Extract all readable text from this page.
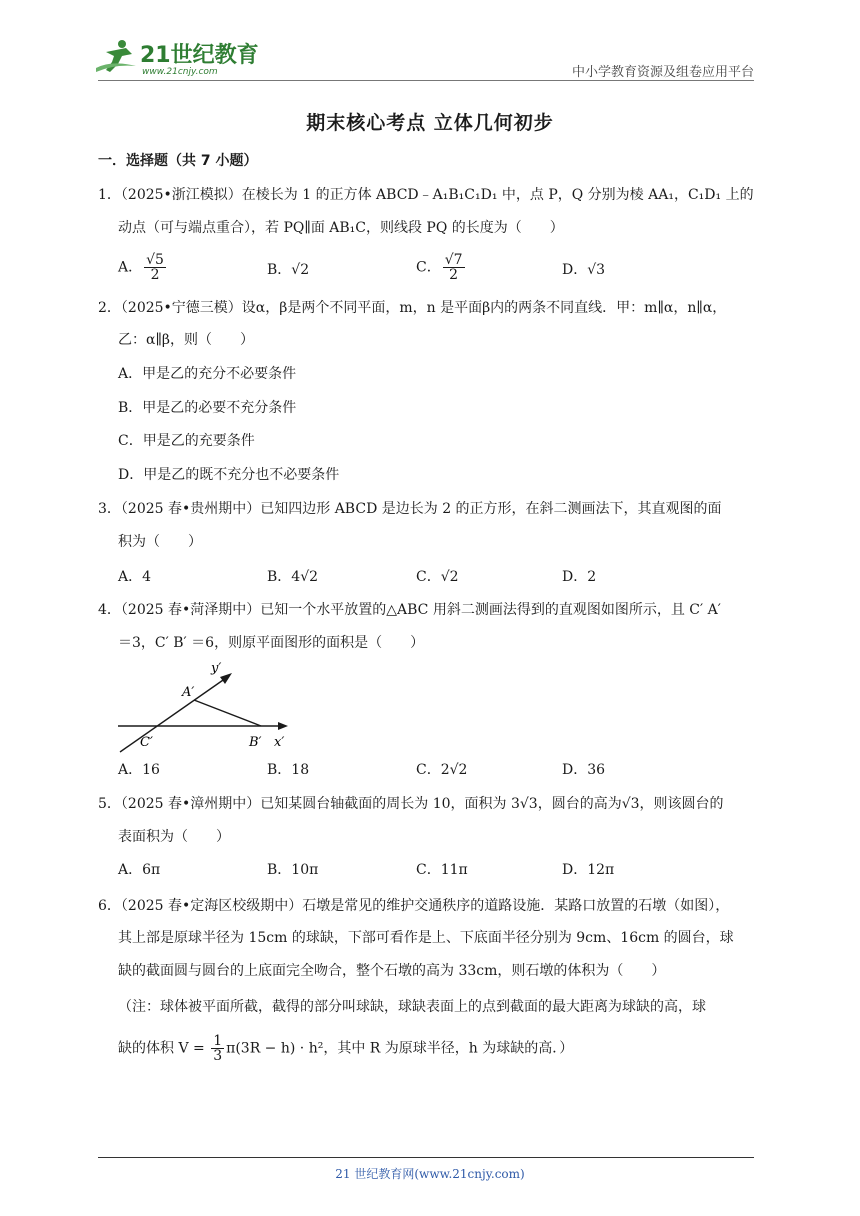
21世纪教育
www.21cnjy.com	中小学教育资源及组卷应用平台
期末核心考点 立体几何初步
一．选择题（共 7 小题）
1．（2025•浙江模拟）在棱长为 1 的正方体 ABCD﹣A₁B₁C₁D₁ 中，点 P，Q 分别为棱 AA₁，C₁D₁ 上的
动点（可与端点重合），若 PQ∥面 AB₁C，则线段 PQ 的长度为（　　）
A． $\frac{√5}{2}$	B．√2	C． $\frac{√7}{2}$	D．√3
2．（2025•宁德三模）设α，β是两个不同平面，m，n 是平面β内的两条不同直线．甲：m∥α，n∥α，
乙：α∥β，则（　　）
A．甲是乙的充分不必要条件
B．甲是乙的必要不充分条件
C．甲是乙的充要条件
D．甲是乙的既不充分也不必要条件
3．（2025 春•贵州期中）已知四边形 ABCD 是边长为 2 的正方形，在斜二测画法下，其直观图的面
积为（　　）
A．4	B．4√2	C．√2	D．2
4．（2025 春•菏泽期中）已知一个水平放置的△ABC 用斜二测画法得到的直观图如图所示，且 C′ A′
＝3，C′ B′ ＝6，则原平面图形的面积是（　　）
y′
A′
C′	B′ x′
A．16	B．18	C．2√2	D．36
5．（2025 春•漳州期中）已知某圆台轴截面的周长为 10，面积为 3√3，圆台的高为√3，则该圆台的
表面积为（　　）
A．6π	B．10π	C．11π	D．12π
6．（2025 春•定海区校级期中）石墩是常见的维护交通秩序的道路设施．某路口放置的石墩（如图），
其上部是原球半径为 15cm 的球缺，下部可看作是上、下底面半径分别为 9cm、16cm 的圆台，球
缺的截面圆与圆台的上底面完全吻合，整个石墩的高为 33cm，则石墩的体积为（　　）
（注：球体被平面所截，截得的部分叫球缺，球缺表面上的点到截面的最大距离为球缺的高，球
缺的体积 $V = \frac{1}{3} \pi(3R - h) \cdot h^2$，其中 R 为原球半径，h 为球缺的高．）
21 世纪教育网(www.21cnjy.com)
